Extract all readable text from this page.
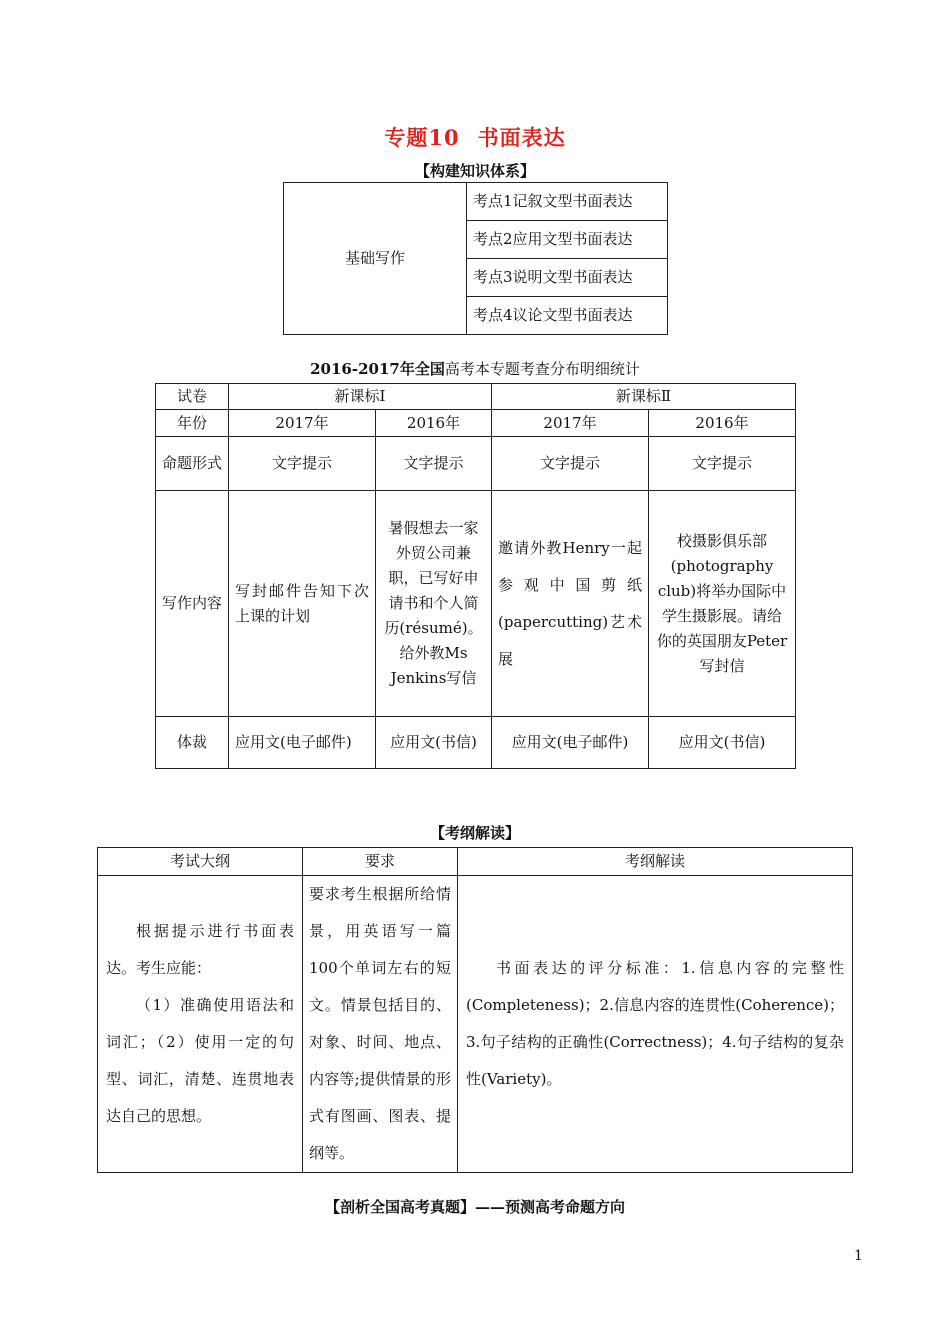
专题10 书面表达
【构建知识体系】
基础写作	考点1记叙文型书面表达
考点2应用文型书面表达
考点3说明文型书面表达
考点4议论文型书面表达
2016-2017年全国高考本专题考查分布明细统计
试卷	新课标Ⅰ		新课标Ⅱ	
年份	2017年	2016年	2017年	2016年
命题形式	文字提示	文字提示	文字提示	文字提示
写作内容	写封邮件告知下次上课的计划	暑假想去一家外贸公司兼职，已写好申请书和个人简历(résumé)。给外教Ms Jenkins写信	邀请外教Henry一起参观中国剪纸(papercutting)艺术展	校摄影俱乐部(photography club)将举办国际中学生摄影展。请给你的英国朋友Peter写封信
体裁	应用文(电子邮件)	应用文(书信)	应用文(电子邮件)	应用文(书信)
【考纲解读】
考试大纲	要求	考纲解读

根据提示进行书面表达。考生应能：
（1）准确使用语法和词汇；（2）使用一定的句型、词汇，清楚、连贯地表达自己的思想。	要求考生根据所给情景，用英语写一篇100个单词左右的短文。情景包括目的、对象、时间、地点、内容等;提供情景的形式有图画、图表、提纲等。	书面表达的评分标准：1.信息内容的完整性(Completeness)；2.信息内容的连贯性(Coherence)；3.句子结构的正确性(Correctness)；4.句子结构的复杂性(Variety)。
【剖析全国高考真题】——预测高考命题方向
1
